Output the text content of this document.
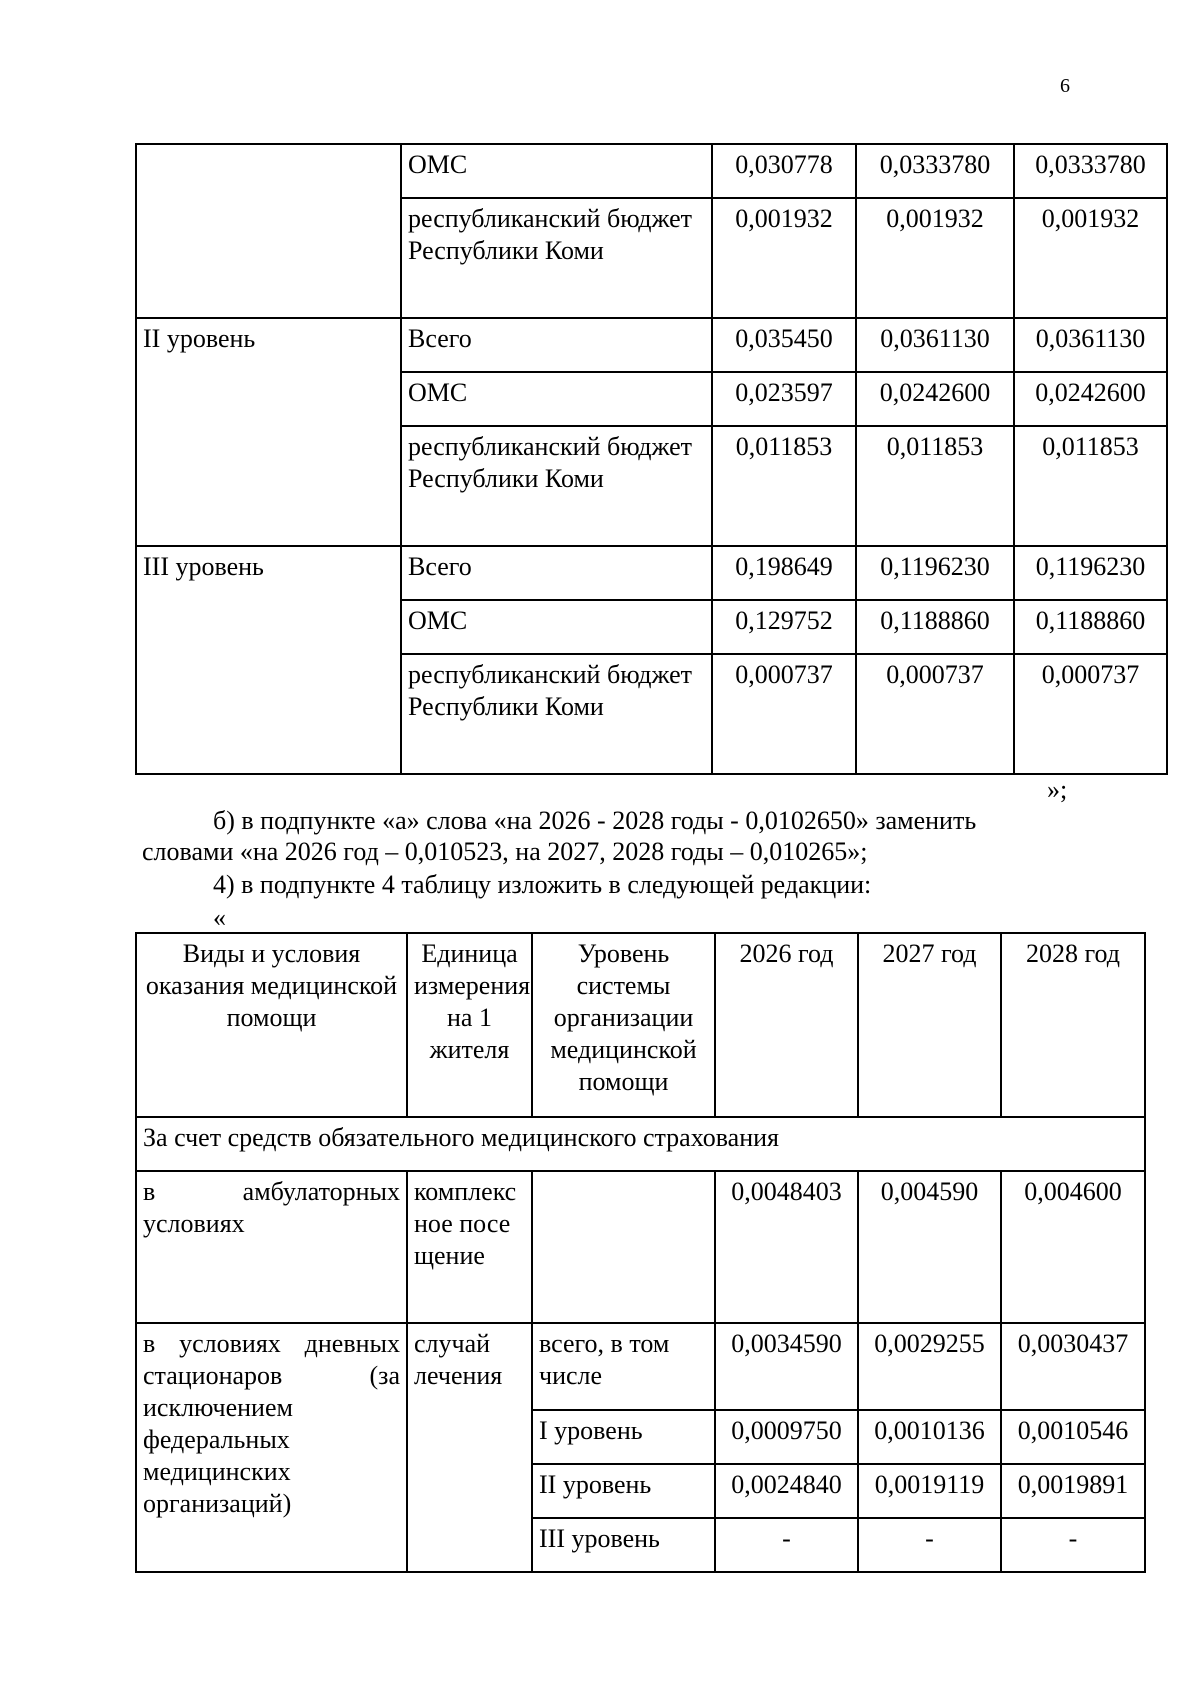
6
	ОМС	0,030778	0,0333780	0,0333780
	республиканский бюджет Республики Коми	0,001932	0,001932	0,001932
II уровень	Всего	0,035450	0,0361130	0,0361130
	ОМС	0,023597	0,0242600	0,0242600
	республиканский бюджет Республики Коми	0,011853	0,011853	0,011853
III уровень	Всего	0,198649	0,1196230	0,1196230
	ОМС	0,129752	0,1188860	0,1188860
	республиканский бюджет Республики Коми	0,000737	0,000737	0,000737
»;
б) в подпункте «а» слова «на 2026 - 2028 годы - 0,0102650» заменить
словами «на 2026 год – 0,010523, на 2027, 2028 годы – 0,010265»;
4) в подпункте 4 таблицу изложить в следующей редакции:
«
Виды и условия оказания медицинской помощи	Единица измерения на 1 жителя	Уровень системы организации медицинской помощи	2026 год	2027 год	2028 год
За счет средств обязательного медицинского страхования					
в амбулаторных условиях	комплексное посещение		0,0048403	0,004590	0,004600
в условиях дневных стационаров (за исключением федеральных медицинских организаций)	случай лечения	всего, в том числе	0,0034590	0,0029255	0,0030437
		I уровень	0,0009750	0,0010136	0,0010546
		II уровень	0,0024840	0,0019119	0,0019891
		III уровень	-	-	-
